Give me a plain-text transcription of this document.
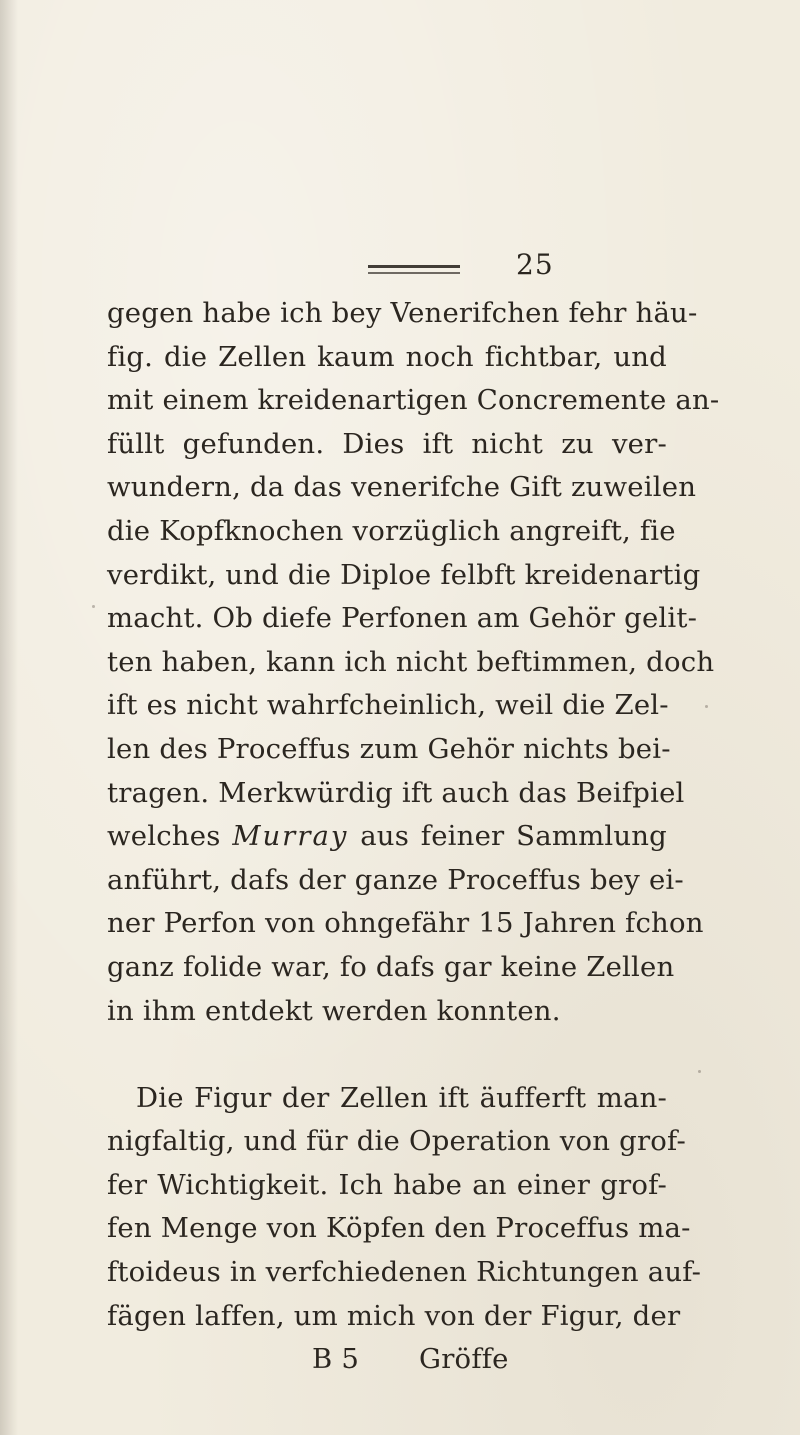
25
gegen habe ich bey Venerifchen fehr häu-
fig. die Zellen kaum noch fichtbar, und
mit einem kreidenartigen Concremente an-
füllt gefunden. Dies ift nicht zu ver-
wundern, da das venerifche Gift zuweilen
die Kopfknochen vorzüglich angreift, fie
verdikt, und die Diploe felbft kreidenartig
macht. Ob diefe Perfonen am Gehör gelit-
ten haben, kann ich nicht beftimmen, doch
ift es nicht wahrfcheinlich, weil die Zel-
len des Proceffus zum Gehör nichts bei-
tragen. Merkwürdig ift auch das Beifpiel
welches Murray aus feiner Sammlung
anführt, dafs der ganze Proceffus bey ei-
ner Perfon von ohngefähr 15 Jahren fchon
ganz folide war, fo dafs gar keine Zellen
in ihm entdekt werden konnten.
Die Figur der Zellen ift äufferft man-
nigfaltig, und für die Operation von grof-
fer Wichtigkeit. Ich habe an einer grof-
fen Menge von Köpfen den Proceffus ma-
ftoideus in verfchiedenen Richtungen auf-
fägen laffen, um mich von der Figur, der
B 5 Gröffe
